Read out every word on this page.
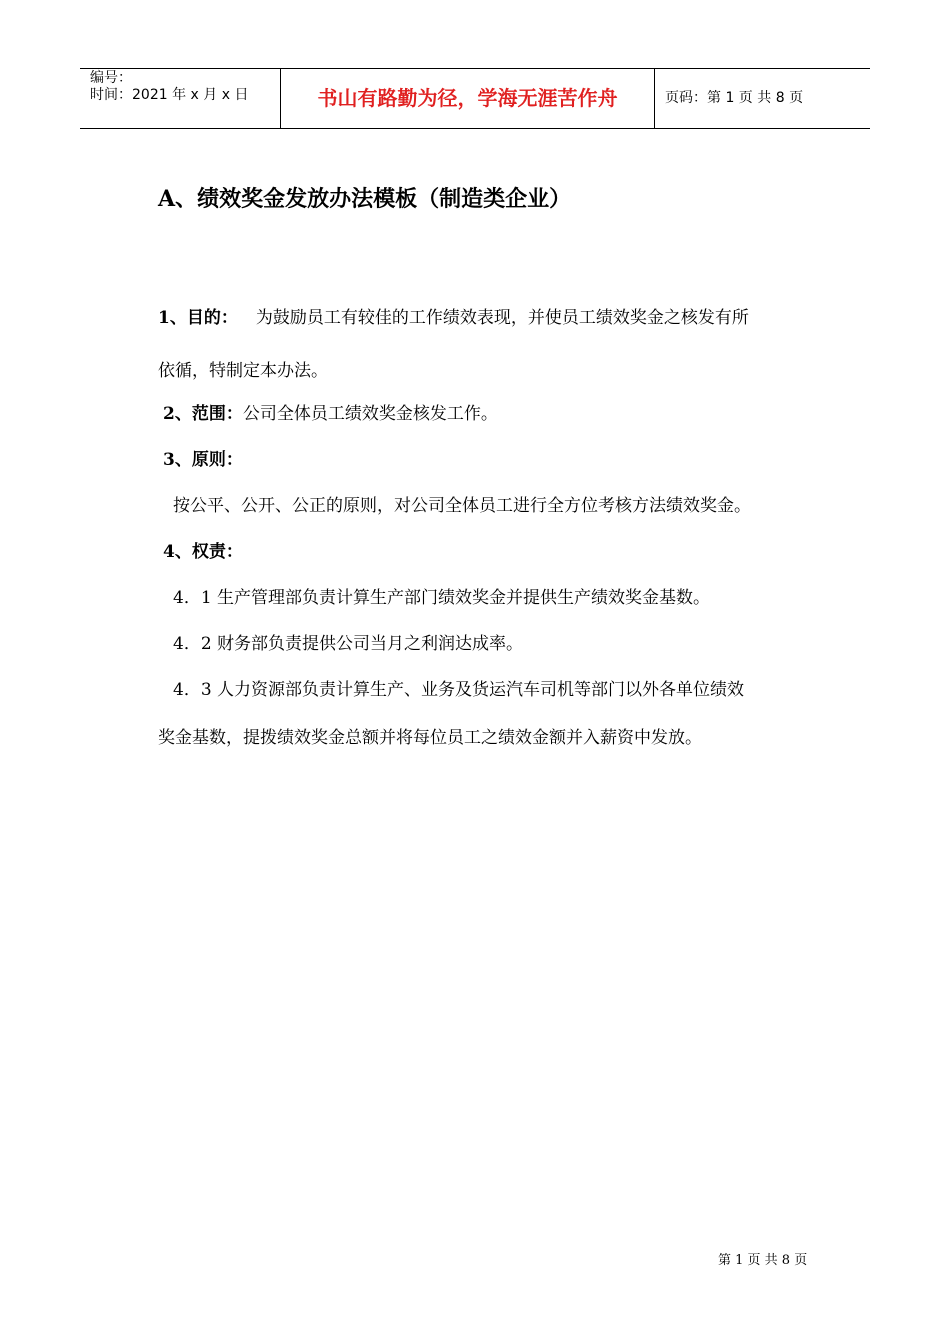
编号：
时间：2021 年 x 月 x 日	书山有路勤为径，学海无涯苦作舟	页码：第 1 页 共 8 页
A、绩效奖金发放办法模板（制造类企业）
1、目的： 为鼓励员工有较佳的工作绩效表现，并使员工绩效奖金之核发有所
依循，特制定本办法。
2、范围：公司全体员工绩效奖金核发工作。
3、原则：
按公平、公开、公正的原则，对公司全体员工进行全方位考核方法绩效奖金。
4、权责：
4．1 生产管理部负责计算生产部门绩效奖金并提供生产绩效奖金基数。
4．2 财务部负责提供公司当月之利润达成率。
4．3 人力资源部负责计算生产、业务及货运汽车司机等部门以外各单位绩效
奖金基数，提拨绩效奖金总额并将每位员工之绩效金额并入薪资中发放。
第 1 页 共 8 页
